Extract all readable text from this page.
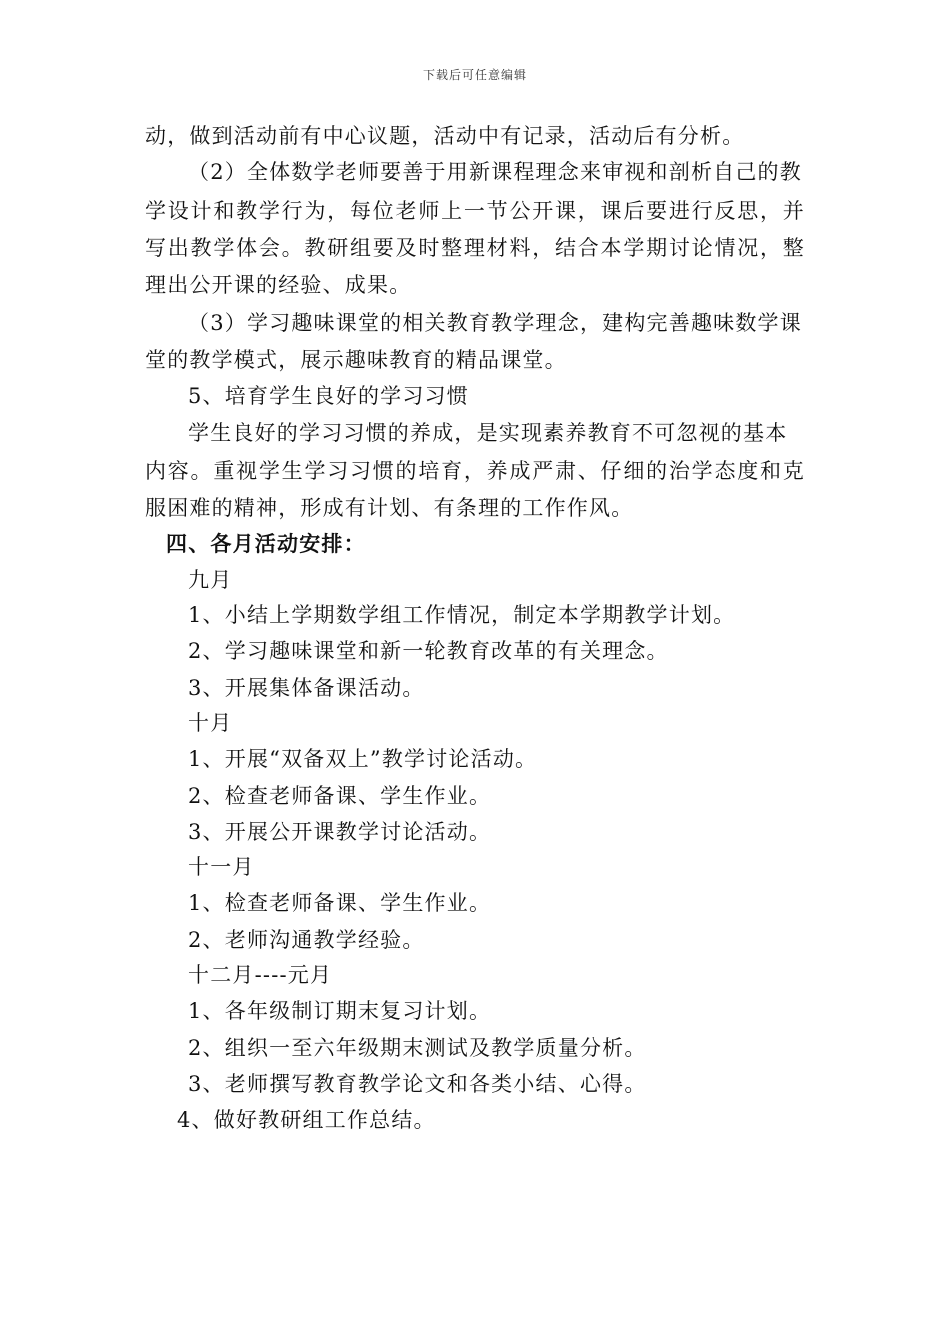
下载后可任意编辑
动，做到活动前有中心议题，活动中有记录，活动后有分析。
（2）全体数学老师要善于用新课程理念来审视和剖析自己的教
学设计和教学行为，每位老师上一节公开课，课后要进行反思，并
写出教学体会。教研组要及时整理材料，结合本学期讨论情况，整
理出公开课的经验、成果。
（3）学习趣味课堂的相关教育教学理念，建构完善趣味数学课
堂的教学模式，展示趣味教育的精品课堂。
5、培育学生良好的学习习惯
学生良好的学习习惯的养成，是实现素养教育不可忽视的基本
内容。重视学生学习习惯的培育，养成严肃、仔细的治学态度和克
服困难的精神，形成有计划、有条理的工作作风。
四、各月活动安排：
九月
1、小结上学期数学组工作情况，制定本学期教学计划。
2、学习趣味课堂和新一轮教育改革的有关理念。
3、开展集体备课活动。
十月
1、开展“双备双上”教学讨论活动。
2、检查老师备课、学生作业。
3、开展公开课教学讨论活动。
十一月
1、检查老师备课、学生作业。
2、老师沟通教学经验。
十二月----元月
1、各年级制订期末复习计划。
2、组织一至六年级期末测试及教学质量分析。
3、老师撰写教育教学论文和各类小结、心得。
4、做好教研组工作总结。
